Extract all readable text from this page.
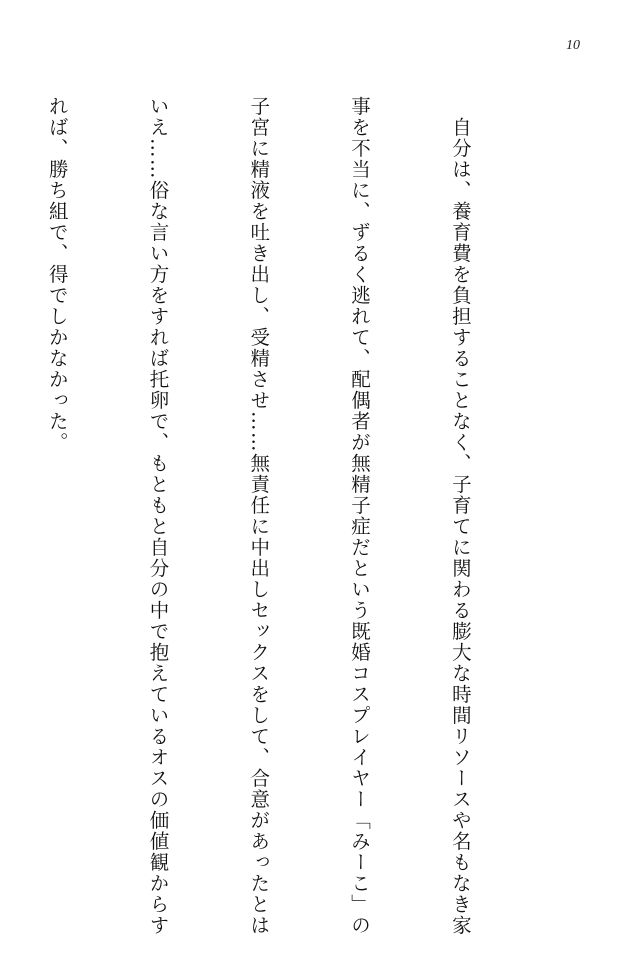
10

　自分は、養育費を負担することなく、子育てに関わる膨大な時間リソースや名もなき家

事を不当に、ずるく逃れて、配偶者が無精子症だという既婚コスプレイヤー「みーこ」の

子宮に精液を吐き出し、受精させ……無責任に中出しセックスをして、合意があったとは

いえ……俗な言い方をすれば托卵で、もともと自分の中で抱えているオスの価値観からす

れば、勝ち組で、得でしかなかった。
